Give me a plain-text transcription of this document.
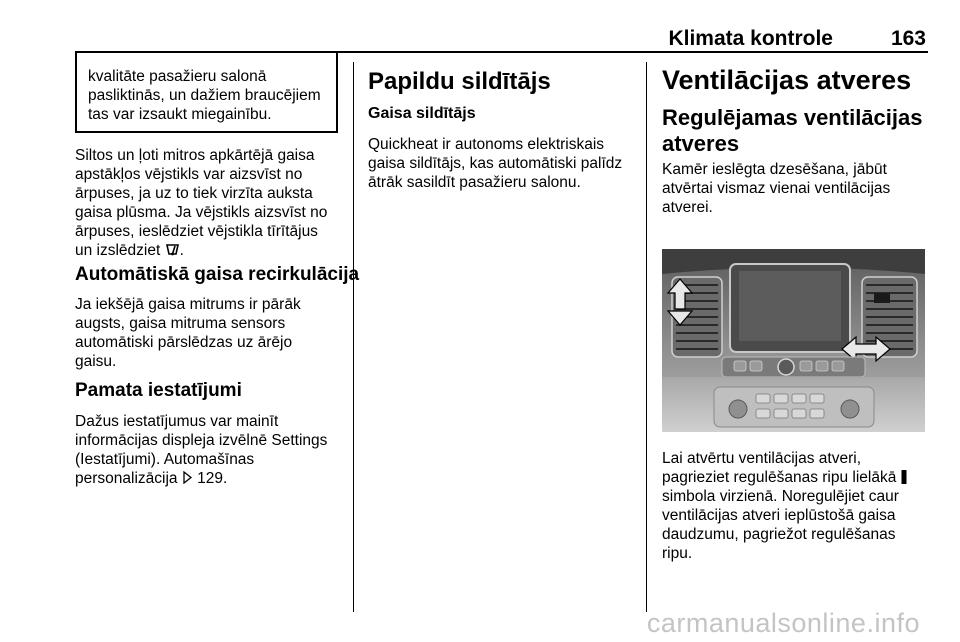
Klimata kontrole	163
kvalitāte pasažieru salonā
pasliktinās, un dažiem braucējiem
tas var izsaukt miegainību.
Siltos un ļoti mitros apkārtējā gaisa
apstākļos vējstikls var aizsvīst no
ārpuses, ja uz to tiek virzīta auksta
gaisa plūsma. Ja vējstikls aizsvīst no
ārpuses, ieslēdziet vējstikla tīrītājus
un izslēdziet .
Automātiskā gaisa recirkulācija
Ja iekšējā gaisa mitrums ir pārāk
augsts, gaisa mitruma sensors
automātiski pārslēdzas uz ārējo
gaisu.
Pamata iestatījumi
Dažus iestatījumus var mainīt
informācijas displeja izvēlnē Settings
(Iestatījumi). Automašīnas
personalizācija  129.
Papildu sildītājs
Gaisa sildītājs
Quickheat ir autonoms elektriskais
gaisa sildītājs, kas automātiski palīdz
ātrāk sasildīt pasažieru salonu.
Ventilācijas atveres
Regulējamas ventilācijas
atveres
Kamēr ieslēgta dzesēšana, jābūt
atvērtai vismaz vienai ventilācijas
atverei.
Lai atvērtu ventilācijas atveri,
pagrieziet regulēšanas ripu lielākā
simbola virzienā. Noregulējiet caur
ventilācijas atveri ieplūstošā gaisa
daudzumu, pagriežot regulēšanas
ripu.
carmanualsonline.info
